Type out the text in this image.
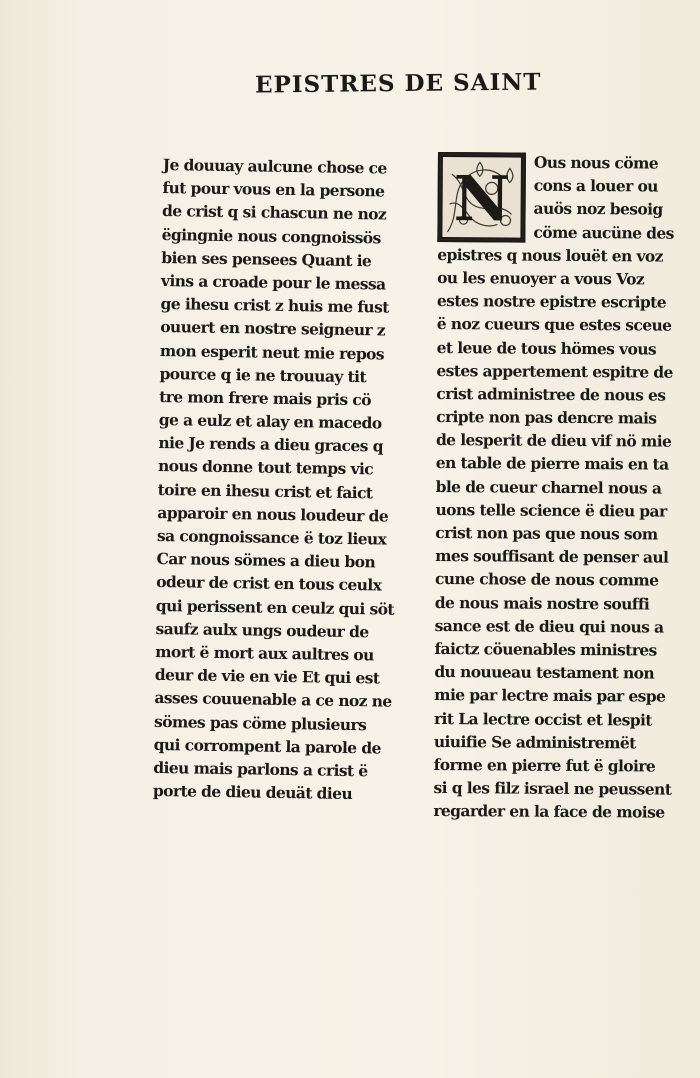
EPISTRES DE SAINT
Je douuay aulcune chose ce
fut pour vous en la persone
de crist q si chascun ne noz
ëgingnie nous congnoissös
bien ses pensees Quant ie
vins a croade pour le messa
ge ihesu crist z huis me fust
ouuert en nostre seigneur z
mon esperit neut mie repos
pource q ie ne trouuay tit
tre mon frere mais pris cö
ge a eulz et alay en macedo
nie Je rends a dieu graces q
nous donne tout temps vic
toire en ihesu crist et faict
apparoir en nous loudeur de
sa congnoissance ë toz lieux
Car nous sömes a dieu bon
odeur de crist en tous ceulx
qui perissent en ceulz qui söt
saufz aulx ungs oudeur de
mort ë mort aux aultres ou
deur de vie en vie Et qui est
asses couuenable a ce noz ne
sömes pas cöme plusieurs
qui corrompent la parole de
dieu mais parlons a crist ë
porte de dieu deuät dieu
N	Ous nous cöme
cons a louer ou
auös noz besoig
cöme aucüne des
epistres q nous louët en voz
ou les enuoyer a vous Voz
estes nostre epistre escripte
ë noz cueurs que estes sceue
et leue de tous hömes vous
estes appertement espitre de
crist administree de nous es
cripte non pas dencre mais
de lesperit de dieu vif nö mie
en table de pierre mais en ta
ble de cueur charnel nous a
uons telle science ë dieu par
crist non pas que nous som
mes souffisant de penser aul
cune chose de nous comme
de nous mais nostre souffi
sance est de dieu qui nous a
faictz cöuenables ministres
du nouueau testament non
mie par lectre mais par espe
rit La lectre occist et lespit
uiuifie Se administremët
forme en pierre fut ë gloire
si q les filz israel ne peussent
regarder en la face de moise
